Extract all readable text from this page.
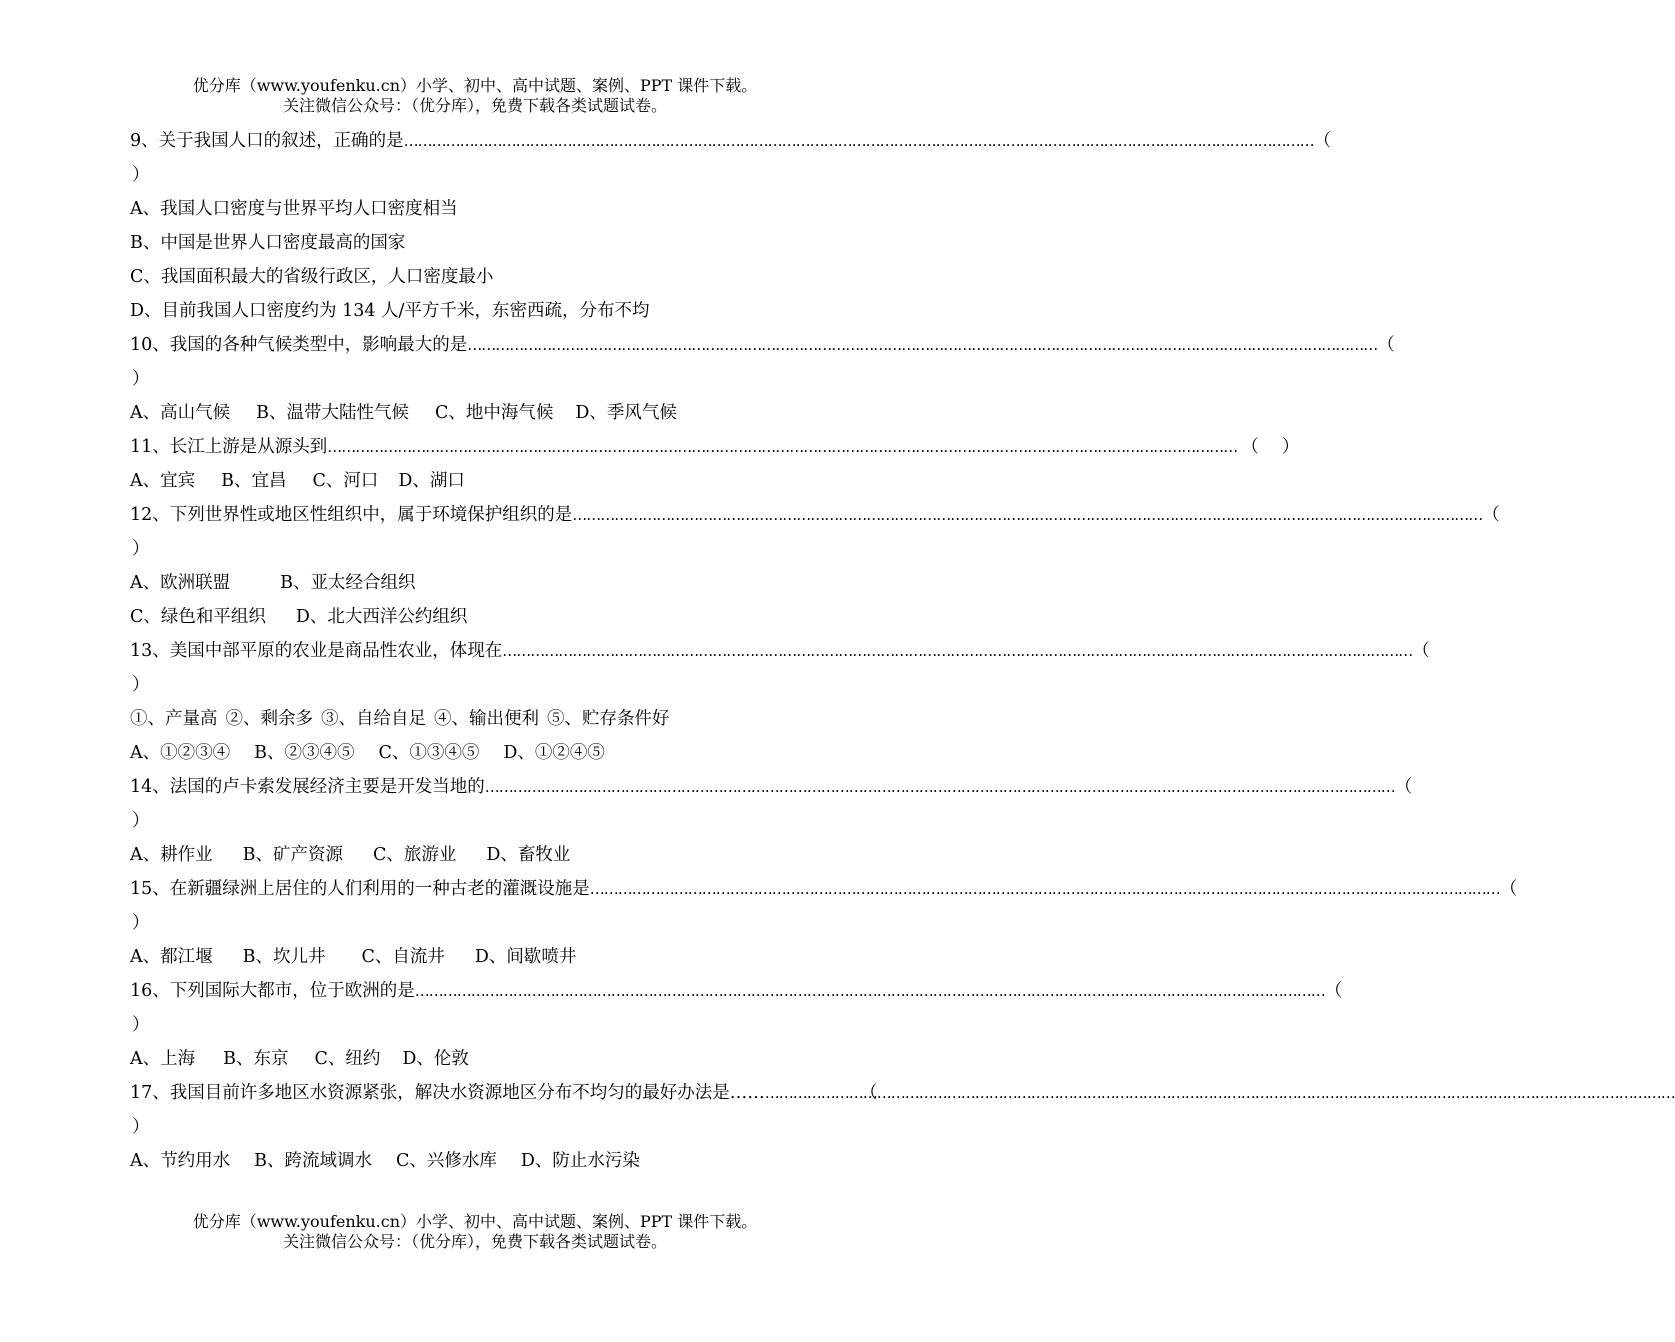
优分库（www.youfenku.cn）小学、初中、高中试题、案例、PPT 课件下载。
关注微信公众号：（优分库），免费下载各类试题试卷。
9、关于我国人口的叙述，正确的是 ……………………………………………………………………………………………………………………………………………………………………………	（
）
A、我国人口密度与世界平均人口密度相当
B、中国是世界人口密度最高的国家
C、我国面积最大的省级行政区，人口密度最小
D、目前我国人口密度约为 134 人/平方千米，东密西疏，分布不均
10、我国的各种气候类型中，影响最大的是 ……………………………………………………………………………………………………………………………………………………………………………	（
）
A、高山气候 B、温带大陆性气候 C、地中海气候 D、季风气候
11、长江上游是从源头到 ……………………………………………………………………………………………………………………………………………………………………………	（　 ）
A、宜宾 B、宜昌 C、河口 D、湖口
12、下列世界性或地区性组织中，属于环境保护组织的是 ……………………………………………………………………………………………………………………………………………………………………………	（
）
A、欧洲联盟	B、亚太经合组织
C、绿色和平组织 D、北大西洋公约组织
13、美国中部平原的农业是商品性农业，体现在 ……………………………………………………………………………………………………………………………………………………………………………	（
）
①、产量高 ②、剩余多 ③、自给自足 ④、输出便利 ⑤、贮存条件好
A、①②③④ B、②③④⑤ C、①③④⑤ D、①②④⑤
14、法国的卢卡索发展经济主要是开发当地的 ……………………………………………………………………………………………………………………………………………………………………………	（
）
A、耕作业 B、矿产资源 C、旅游业 D、畜牧业
15、在新疆绿洲上居住的人们利用的一种古老的灌溉设施是 ……………………………………………………………………………………………………………………………………………………………………………	（
）
A、都江堰 B、坎儿井 C、自流井 D、间歇喷井
16、下列国际大都市，位于欧洲的是 ……………………………………………………………………………………………………………………………………………………………………………	（
）
A、上海 B、东京 C、纽约 D、伦敦
17、我国目前许多地区水资源紧张，解决水资源地区分布不均匀的最好办法是…… ……………………………………………………………………………………………………………………………………………………………………………	（
）
A、节约用水 B、跨流域调水 C、兴修水库 D、防止水污染
优分库（www.youfenku.cn）小学、初中、高中试题、案例、PPT 课件下载。
关注微信公众号：（优分库），免费下载各类试题试卷。
